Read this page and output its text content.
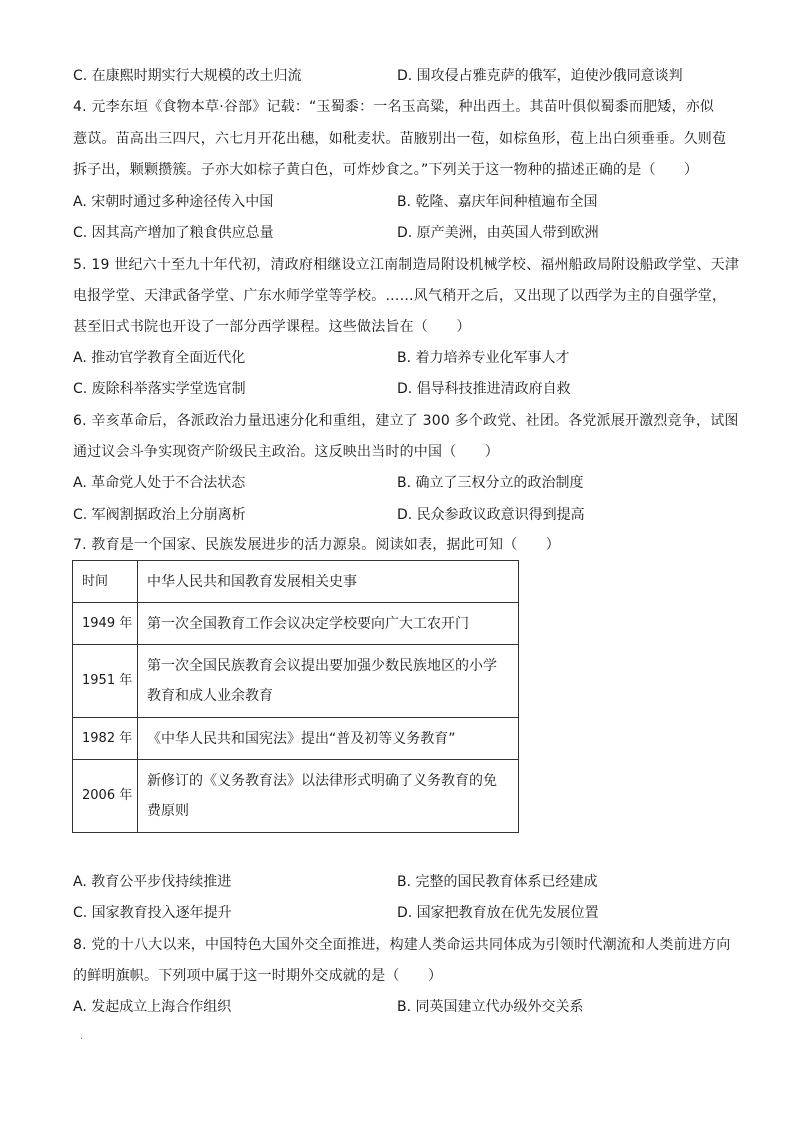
C. 在康熙时期实行大规模的改土归流	D. 围攻侵占雅克萨的俄军，迫使沙俄同意谈判
4. 元李东垣《食物本草·谷部》记载：“玉蜀黍：一名玉高粱，种出西土。其苗叶俱似蜀黍而肥矮，亦似
薏苡。苗高出三四尺，六七月开花出穗，如秕麦状。苗腋别出一苞，如棕鱼形，苞上出白须垂垂。久则苞
拆子出，颗颗攒簇。子亦大如棕子黄白色，可炸炒食之。”下列关于这一物种的描述正确的是（　　）
A. 宋朝时通过多种途径传入中国	B. 乾隆、嘉庆年间种植遍布全国
C. 因其高产增加了粮食供应总量	D. 原产美洲，由英国人带到欧洲
5. 19 世纪六十至九十年代初，清政府相继设立江南制造局附设机械学校、福州船政局附设船政学堂、天津
电报学堂、天津武备学堂、广东水师学堂等学校。……风气稍开之后，又出现了以西学为主的自强学堂，
甚至旧式书院也开设了一部分西学课程。这些做法旨在（　　）
A. 推动官学教育全面近代化	B. 着力培养专业化军事人才
C. 废除科举落实学堂选官制	D. 倡导科技推进清政府自救
6. 辛亥革命后，各派政治力量迅速分化和重组，建立了 300 多个政党、社团。各党派展开激烈竞争，试图
通过议会斗争实现资产阶级民主政治。这反映出当时的中国（　　）
A. 革命党人处于不合法状态	B. 确立了三权分立的政治制度
C. 军阀割据政治上分崩离析	D. 民众参政议政意识得到提高
7. 教育是一个国家、民族发展进步的活力源泉。阅读如表，据此可知（　　）
时间	中华人民共和国教育发展相关史事
1949 年	第一次全国教育工作会议决定学校要向广大工农开门
1951 年	第一次全国民族教育会议提出要加强少数民族地区的小学
教育和成人业余教育

1982 年	《中华人民共和国宪法》提出“普及初等义务教育”
2006 年	新修订的《义务教育法》以法律形式明确了义务教育的免
费原则
A. 教育公平步伐持续推进	B. 完整的国民教育体系已经建成
C. 国家教育投入逐年提升	D. 国家把教育放在优先发展位置
8. 党的十八大以来，中国特色大国外交全面推进，构建人类命运共同体成为引领时代潮流和人类前进方向
的鲜明旗帜。下列项中属于这一时期外交成就的是（　　）
A. 发起成立上海合作组织	B. 同英国建立代办级外交关系
·
